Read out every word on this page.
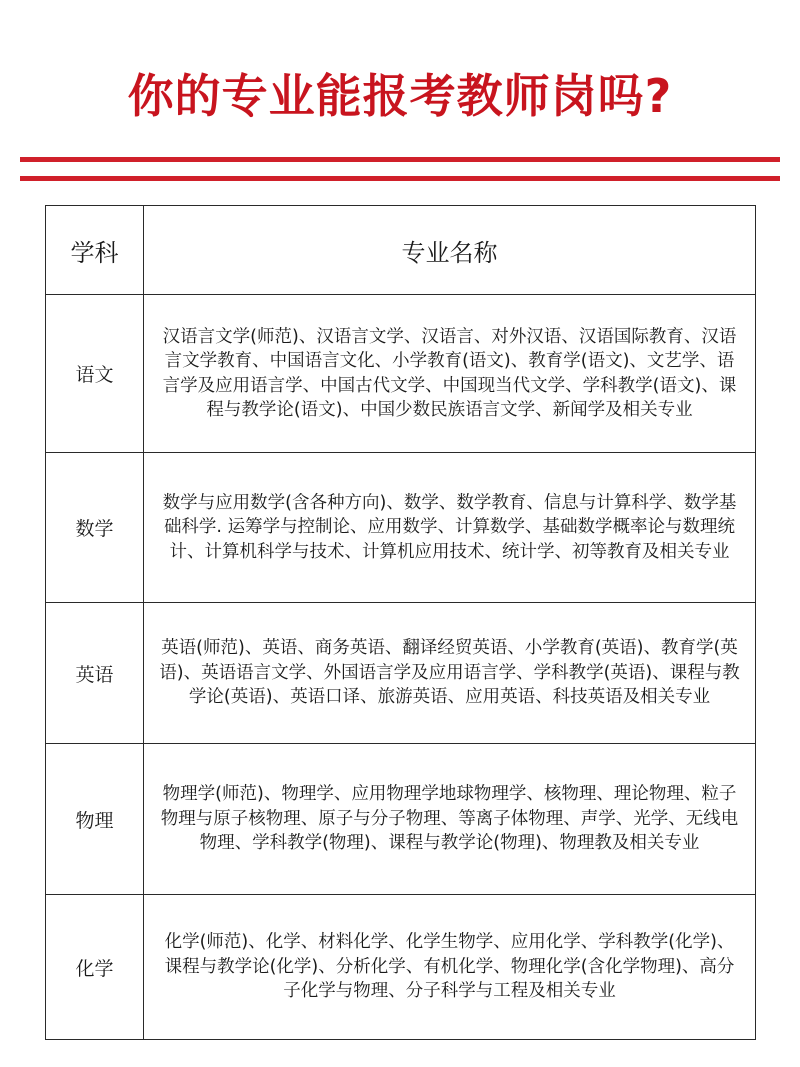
你的专业能报考教师岗吗?
学科	专业名称
语文	汉语言文学(师范)、汉语言文学、汉语言、对外汉语、汉语国际教育、汉语言文学教育、中国语言文化、小学教育(语文)、教育学(语文)、文艺学、语言学及应用语言学、中国古代文学、中国现当代文学、学科教学(语文)、课程与教学论(语文)、中国少数民族语言文学、新闻学及相关专业
数学	数学与应用数学(含各种方向)、数学、数学教育、信息与计算科学、数学基础科学. 运筹学与控制论、应用数学、计算数学、基础数学概率论与数理统计、计算机科学与技术、计算机应用技术、统计学、初等教育及相关专业
英语	英语(师范)、英语、商务英语、翻译经贸英语、小学教育(英语)、教育学(英语)、英语语言文学、外国语言学及应用语言学、学科教学(英语)、课程与教学论(英语)、英语口译、旅游英语、应用英语、科技英语及相关专业
物理	物理学(师范)、物理学、应用物理学地球物理学、核物理、理论物理、粒子物理与原子核物理、原子与分子物理、等离子体物理、声学、光学、无线电物理、学科教学(物理)、课程与教学论(物理)、物理教及相关专业
化学	化学(师范)、化学、材料化学、化学生物学、应用化学、学科教学(化学)、课程与教学论(化学)、分析化学、有机化学、物理化学(含化学物理)、高分子化学与物理、分子科学与工程及相关专业
